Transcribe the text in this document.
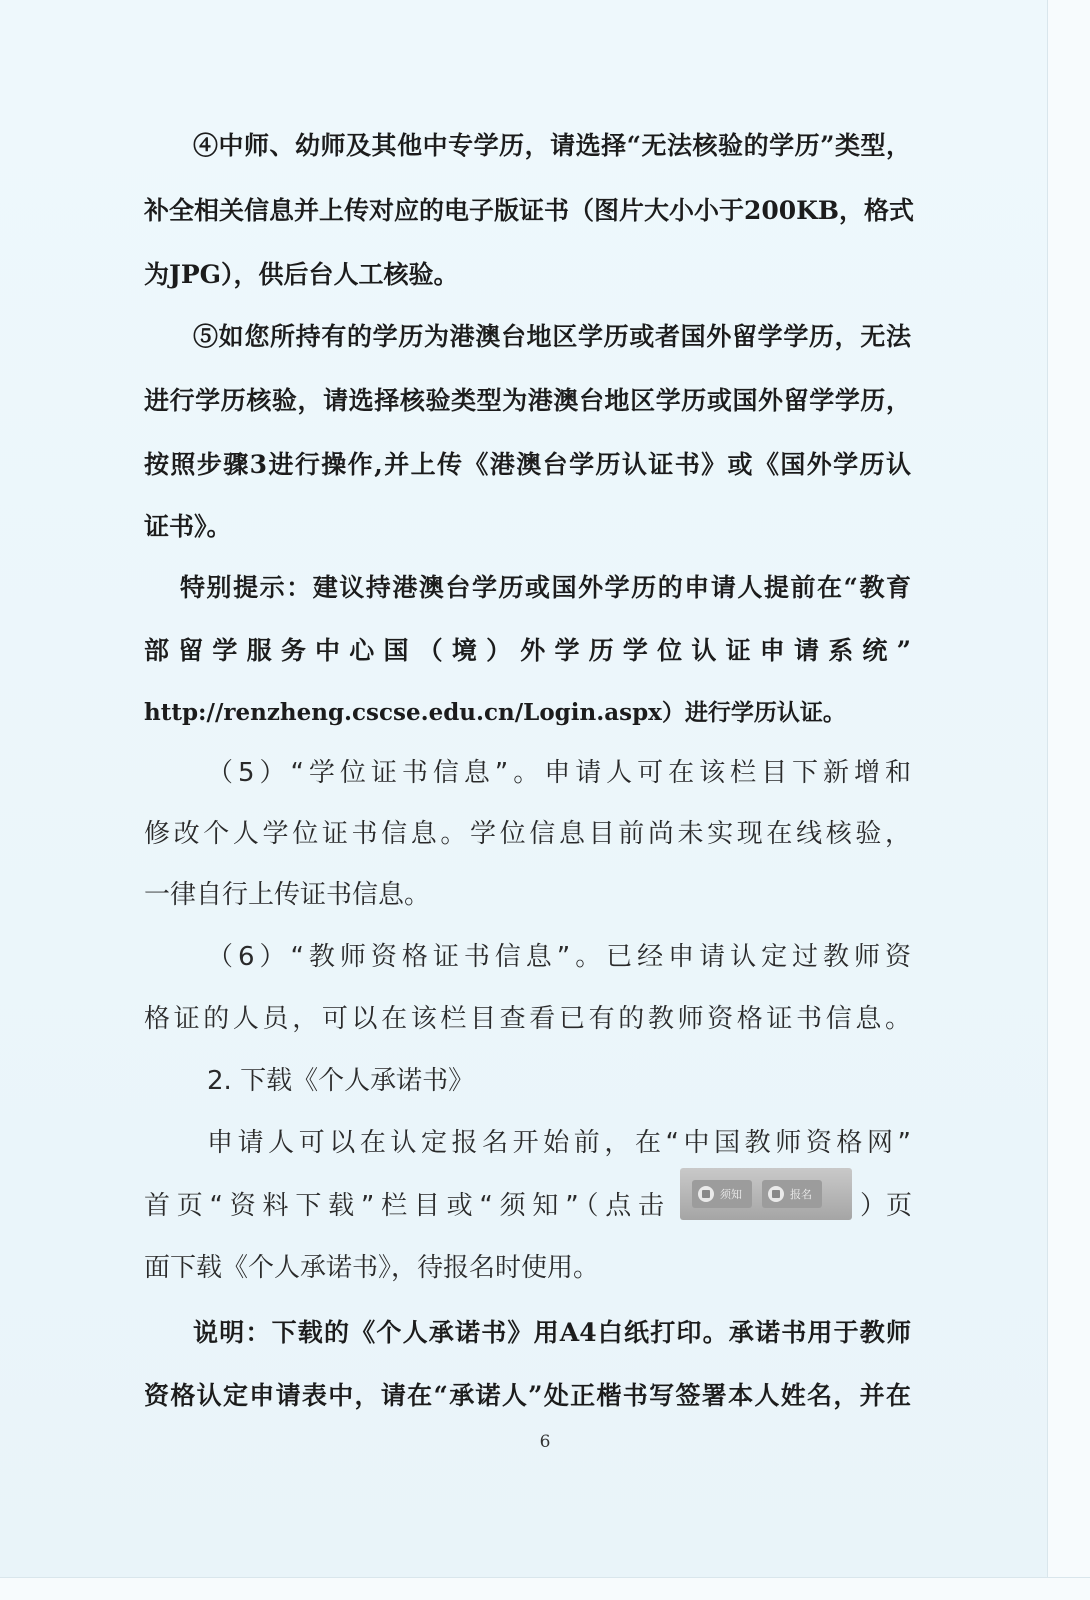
④中师、幼师及其他中专学历，请选择“无法核验的学历”类型，
补全相关信息并上传对应的电子版证书（图片大小小于200KB，格式
为JPG），供后台人工核验。
⑤如您所持有的学历为港澳台地区学历或者国外留学学历，无法
进行学历核验，请选择核验类型为港澳台地区学历或国外留学学历，
按照步骤3进行操作,并上传《港澳台学历认证书》或《国外学历认
证书》。
特别提示：建议持港澳台学历或国外学历的申请人提前在“教育
部留学服务中心国（境）外学历学位认证申请系统”
http://renzheng.cscse.edu.cn/Login.aspx）进行学历认证。
（5）“学位证书信息”。申请人可在该栏目下新增和
修改个人学位证书信息。学位信息目前尚未实现在线核验，
一律自行上传证书信息。
（6）“教师资格证书信息”。已经申请认定过教师资
格证的人员，可以在该栏目查看已有的教师资格证书信息。
2. 下载《个人承诺书》
申请人可以在认定报名开始前，在“中国教师资格网”
首页“资料下载”栏目或“须知”（点击	须知	报名 ）页
面下载《个人承诺书》，待报名时使用。
说明：下载的《个人承诺书》用A4白纸打印。承诺书用于教师
资格认定申请表中，请在“承诺人”处正楷书写签署本人姓名，并在
6
